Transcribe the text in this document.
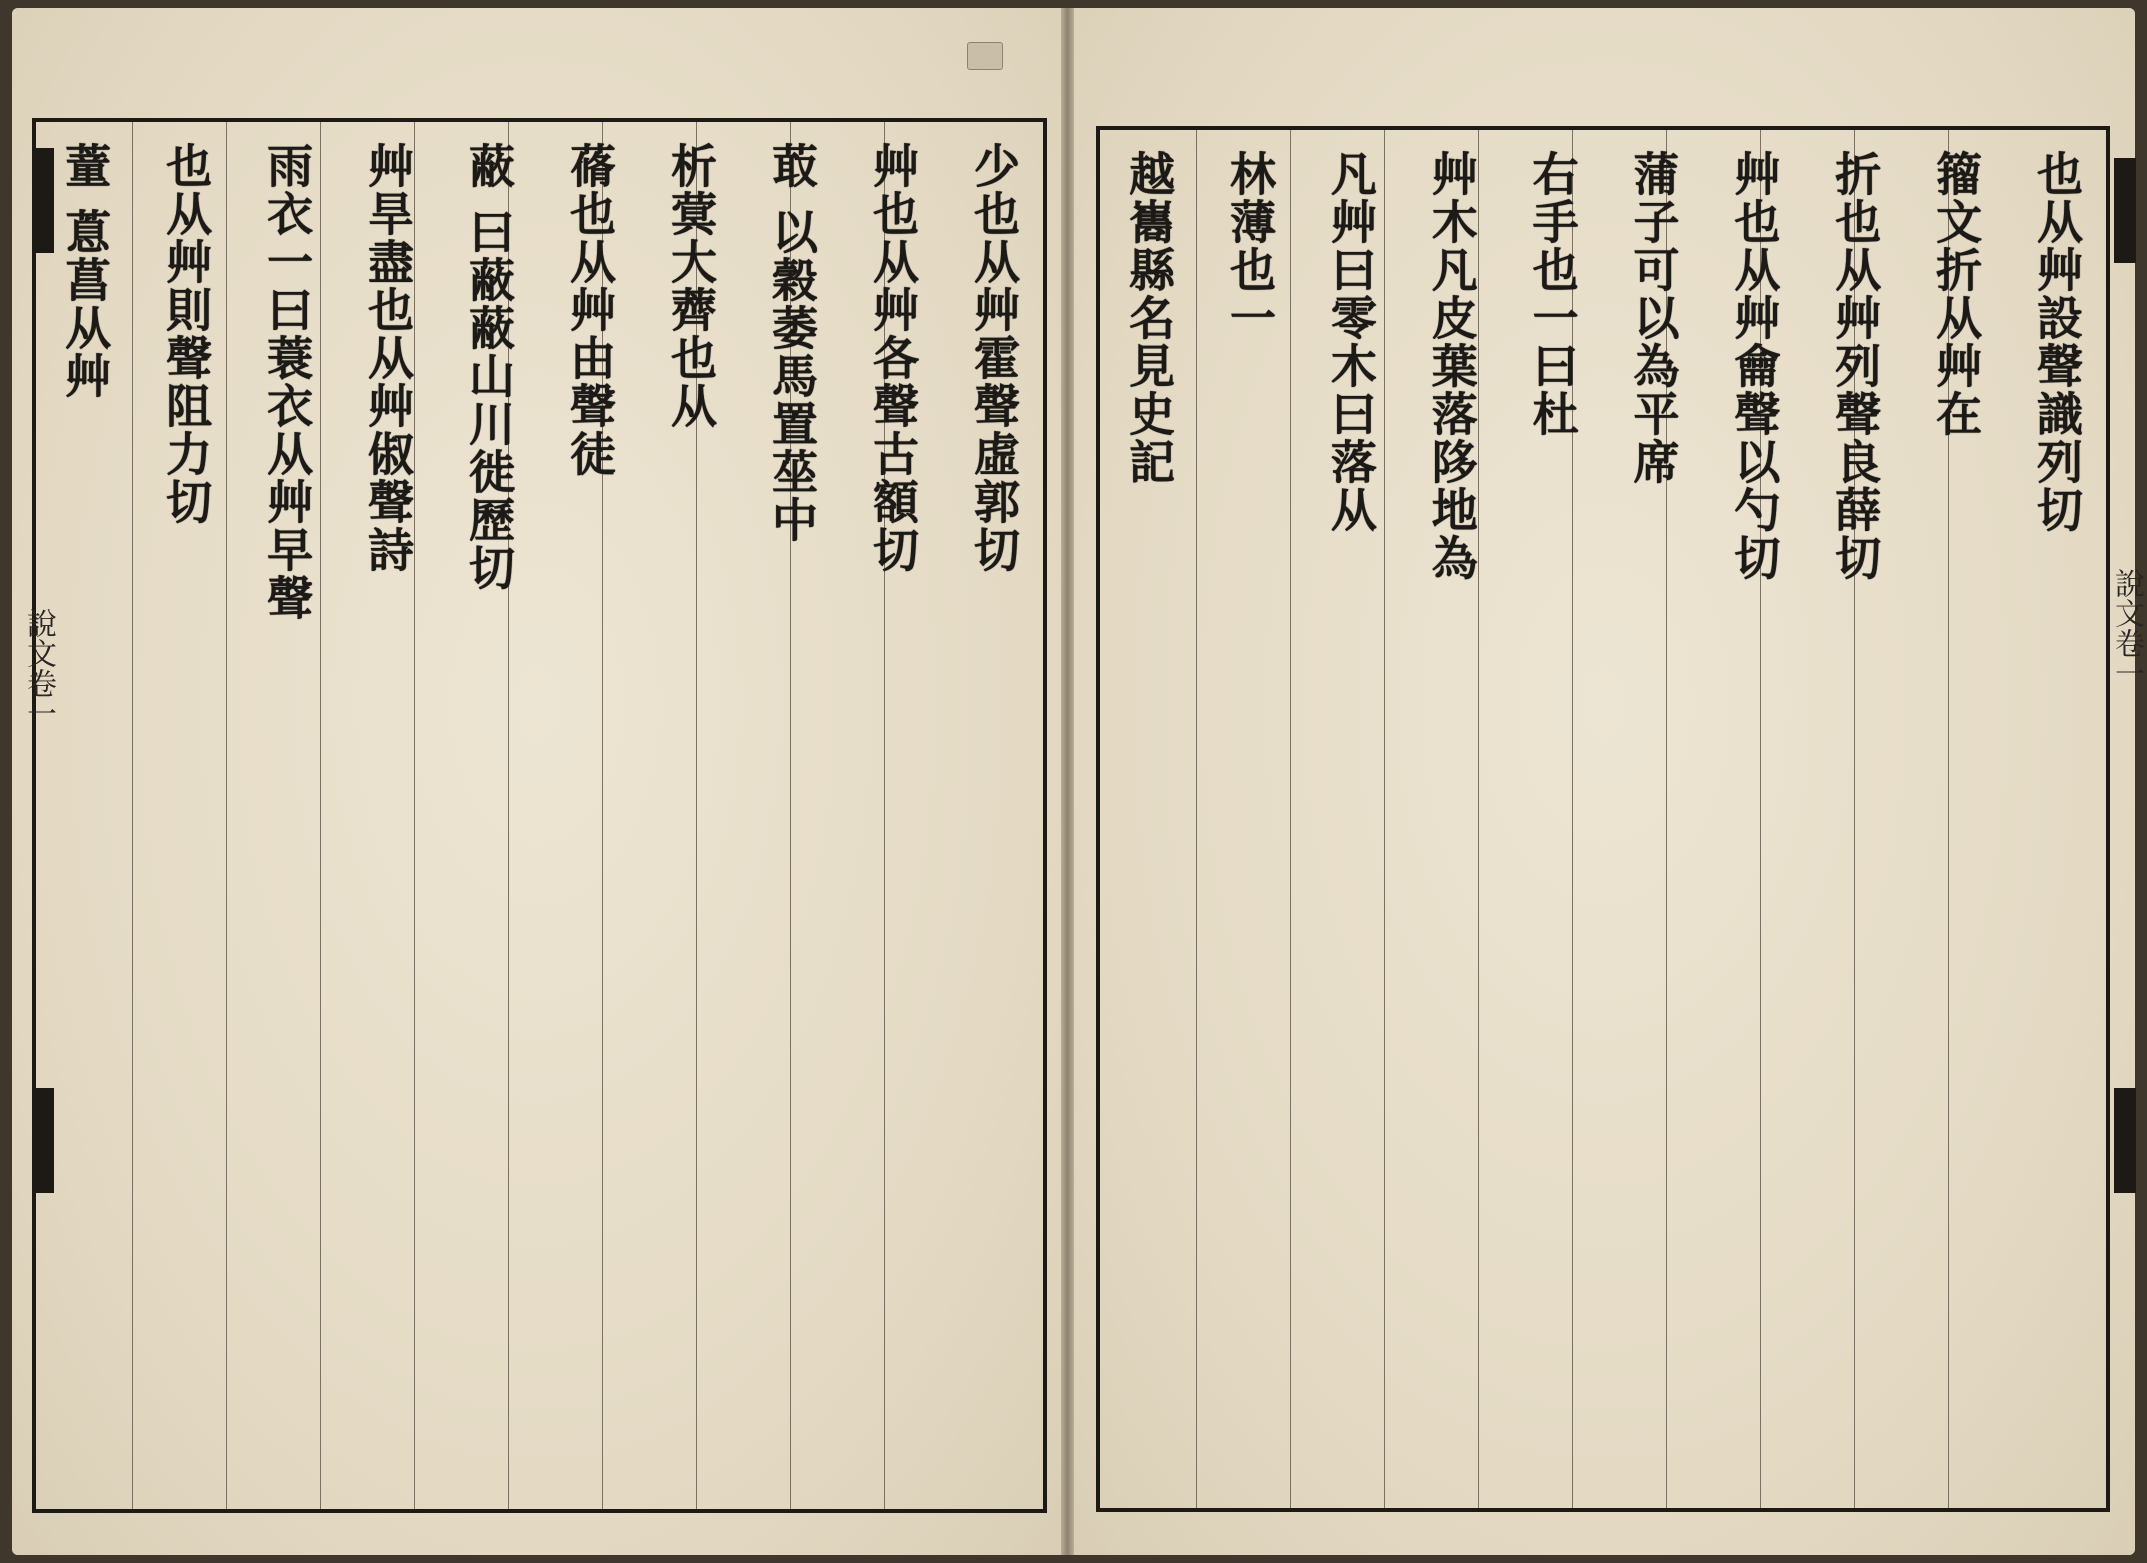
少也从艸霍聲虛郭切
艸也从艸各聲古額切
菆 以穀萎馬置莝中
析蓂大薺也从
蓨也从艸由聲徒
蔽 曰蔽蔽山川徙歷切
艸旱盡也从艸俶聲詩
雨衣一曰蓑衣从艸早聲
也从艸則聲阻力切
蕫 蒠菖从艸
說文卷一
也从艸設聲識列切
籀文折从艸在
折也从艸列聲良薛切
艸也从艸龠聲以勺切
蒲子可以為平席
右手也一曰杜
艸木凡皮葉落陊地為
凡艸曰零木曰落从
林薄也一
越巂縣名見史記
說文卷一
